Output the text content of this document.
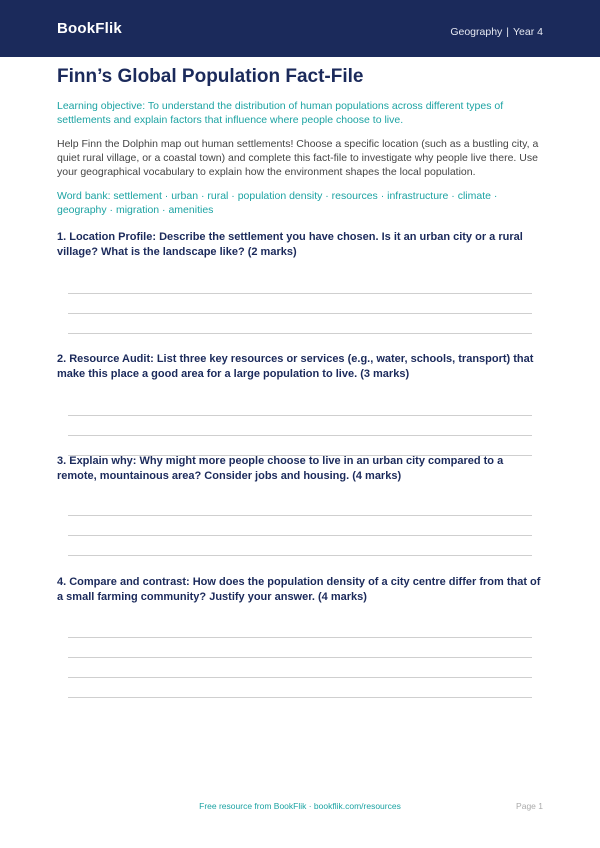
BookFlik	Geography | Year 4
Finn’s Global Population Fact-File

Learning objective: To understand the distribution of human populations across different types of settlements and explain factors that influence where people choose to live.

Help Finn the Dolphin map out human settlements! Choose a specific location (such as a bustling city, a quiet rural village, or a coastal town) and complete this fact-file to investigate why people live there. Use your geographical vocabulary to explain how the environment shapes the local population.

Word bank: settlement · urban · rural · population density · resources · infrastructure · climate · geography · migration · amenities

1. Location Profile: Describe the settlement you have chosen. Is it an urban city or a rural village? What is the landscape like? (2 marks)

2. Resource Audit: List three key resources or services (e.g., water, schools, transport) that make this place a good area for a large population to live. (3 marks)

3. Explain why: Why might more people choose to live in an urban city compared to a remote, mountainous area? Consider jobs and housing. (4 marks)

4. Compare and contrast: How does the population density of a city centre differ from that of a small farming community? Justify your answer. (4 marks)

Free resource from BookFlik · bookflik.com/resources	Page 1
